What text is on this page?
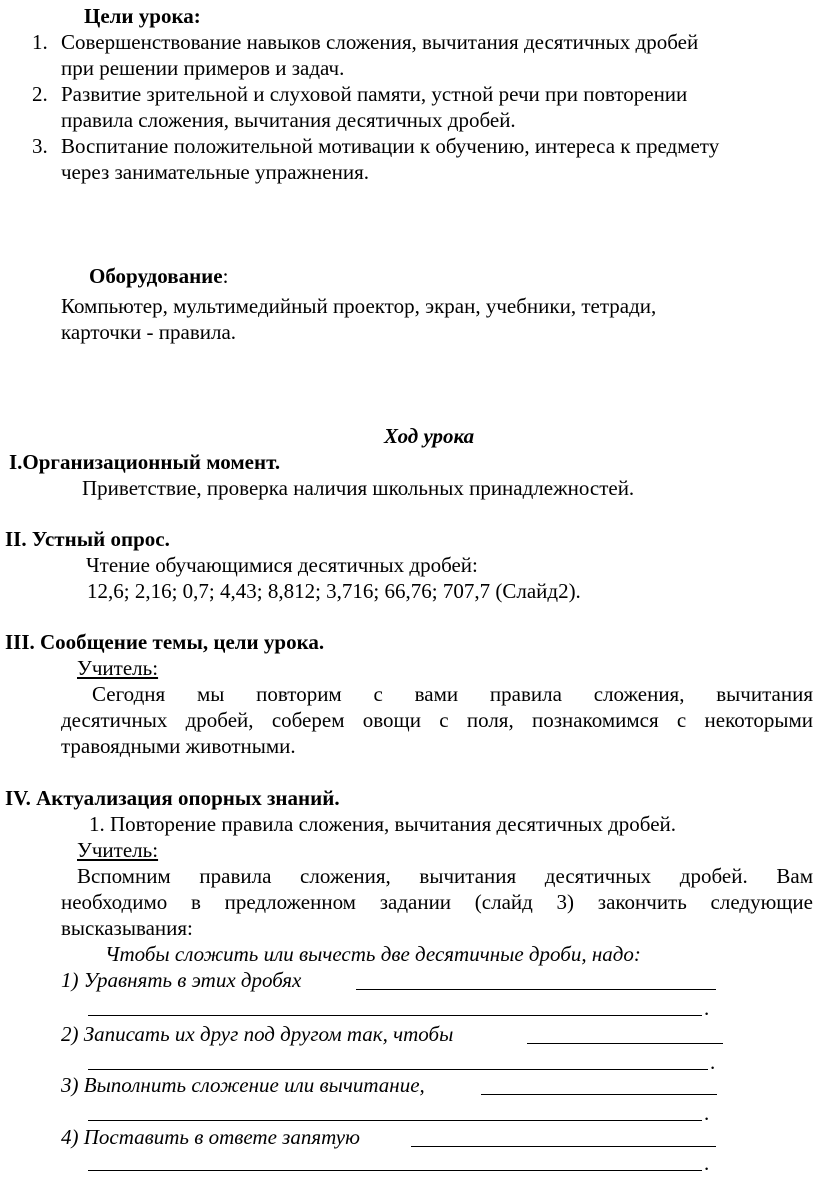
Цели урока:
1. Совершенствование навыков сложения, вычитания десятичных дробей
при решении примеров и задач.
2. Развитие зрительной и слуховой памяти, устной речи при повторении
правила сложения, вычитания десятичных дробей.
3. Воспитание положительной мотивации к обучению, интереса к предмету
через занимательные упражнения.
Оборудование:
Компьютер, мультимедийный проектор, экран, учебники, тетради,
карточки - правила.
Ход урока
I.Организационный момент.
Приветствие, проверка наличия школьных принадлежностей.
II. Устный опрос.
Чтение обучающимися десятичных дробей:
12,6; 2,16; 0,7; 4,43; 8,812; 3,716; 66,76; 707,7 (Слайд2).
III. Сообщение темы, цели урока.
Учитель:
Сегодня мы повторим с вами правила сложения, вычитания
десятичных дробей, соберем овощи с поля, познакомимся с некоторыми
травоядными животными.
IV. Актуализация опорных знаний.
1. Повторение правила сложения, вычитания десятичных дробей.
Учитель:
Вспомним правила сложения, вычитания десятичных дробей. Вам
необходимо в предложенном задании (слайд 3) закончить следующие
высказывания:
Чтобы сложить или вычесть две десятичные дроби, надо:
1) Уравнять в этих дробях
.
2) Записать их друг под другом так, чтобы
.
3) Выполнить сложение или вычитание,
.
4) Поставить в ответе запятую
.
